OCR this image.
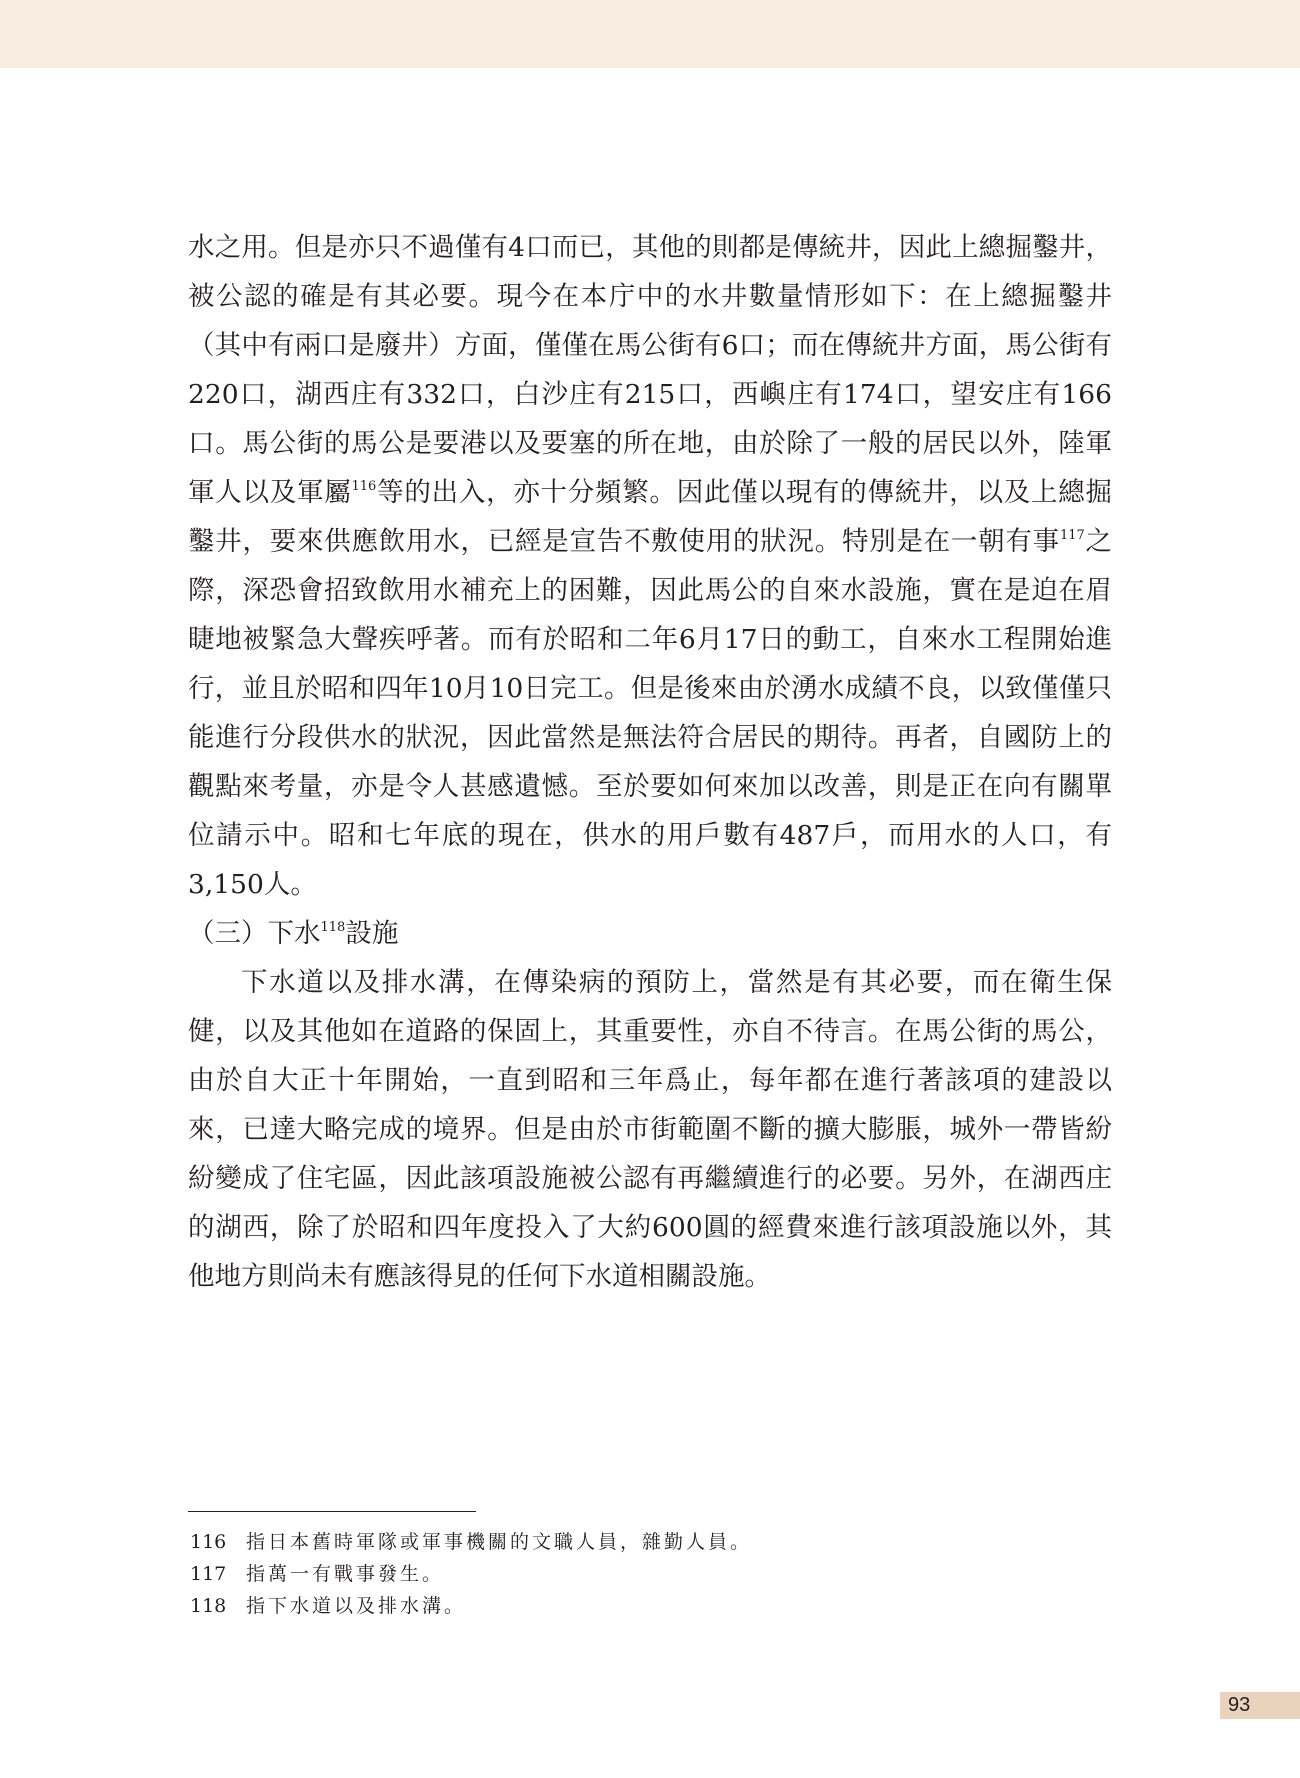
水之用。但是亦只不過僅有4口而已，其他的則都是傳統井，因此上總掘鑿井，被公認的確是有其必要。現今在本庁中的水井數量情形如下：在上總掘鑿井（其中有兩口是廢井）方面，僅僅在馬公街有6口；而在傳統井方面，馬公街有220口，湖西庄有332口，白沙庄有215口，西嶼庄有174口，望安庄有166口。馬公街的馬公是要港以及要塞的所在地，由於除了一般的居民以外，陸軍軍人以及軍屬$^{116}$等的出入，亦十分頻繁。因此僅以現有的傳統井，以及上總掘鑿井，要來供應飲用水，已經是宣告不敷使用的狀況。特別是在一朝有事$^{117}$之際，深恐會招致飲用水補充上的困難，因此馬公的自來水設施，實在是迫在眉睫地被緊急大聲疾呼著。而有於昭和二年6月17日的動工，自來水工程開始進行，並且於昭和四年10月10日完工。但是後來由於湧水成績不良，以致僅僅只能進行分段供水的狀況，因此當然是無法符合居民的期待。再者，自國防上的觀點來考量，亦是令人甚感遺憾。至於要如何來加以改善，則是正在向有關單位請示中。昭和七年底的現在，供水的用戶數有487戶，而用水的人口，有3,150人。

（三）下水$^{118}$設施

下水道以及排水溝，在傳染病的預防上，當然是有其必要，而在衛生保健，以及其他如在道路的保固上，其重要性，亦自不待言。在馬公街的馬公，由於自大正十年開始，一直到昭和三年爲止，每年都在進行著該項的建設以來，已達大略完成的境界。但是由於市街範圍不斷的擴大膨脹，城外一帶皆紛紛變成了住宅區，因此該項設施被公認有再繼續進行的必要。另外，在湖西庄的湖西，除了於昭和四年度投入了大約600圓的經費來進行該項設施以外，其他地方則尚未有應該得見的任何下水道相關設施。

116	指日本舊時軍隊或軍事機關的文職人員，雜勤人員。
117	指萬一有戰事發生。
118	指下水道以及排水溝。
93
